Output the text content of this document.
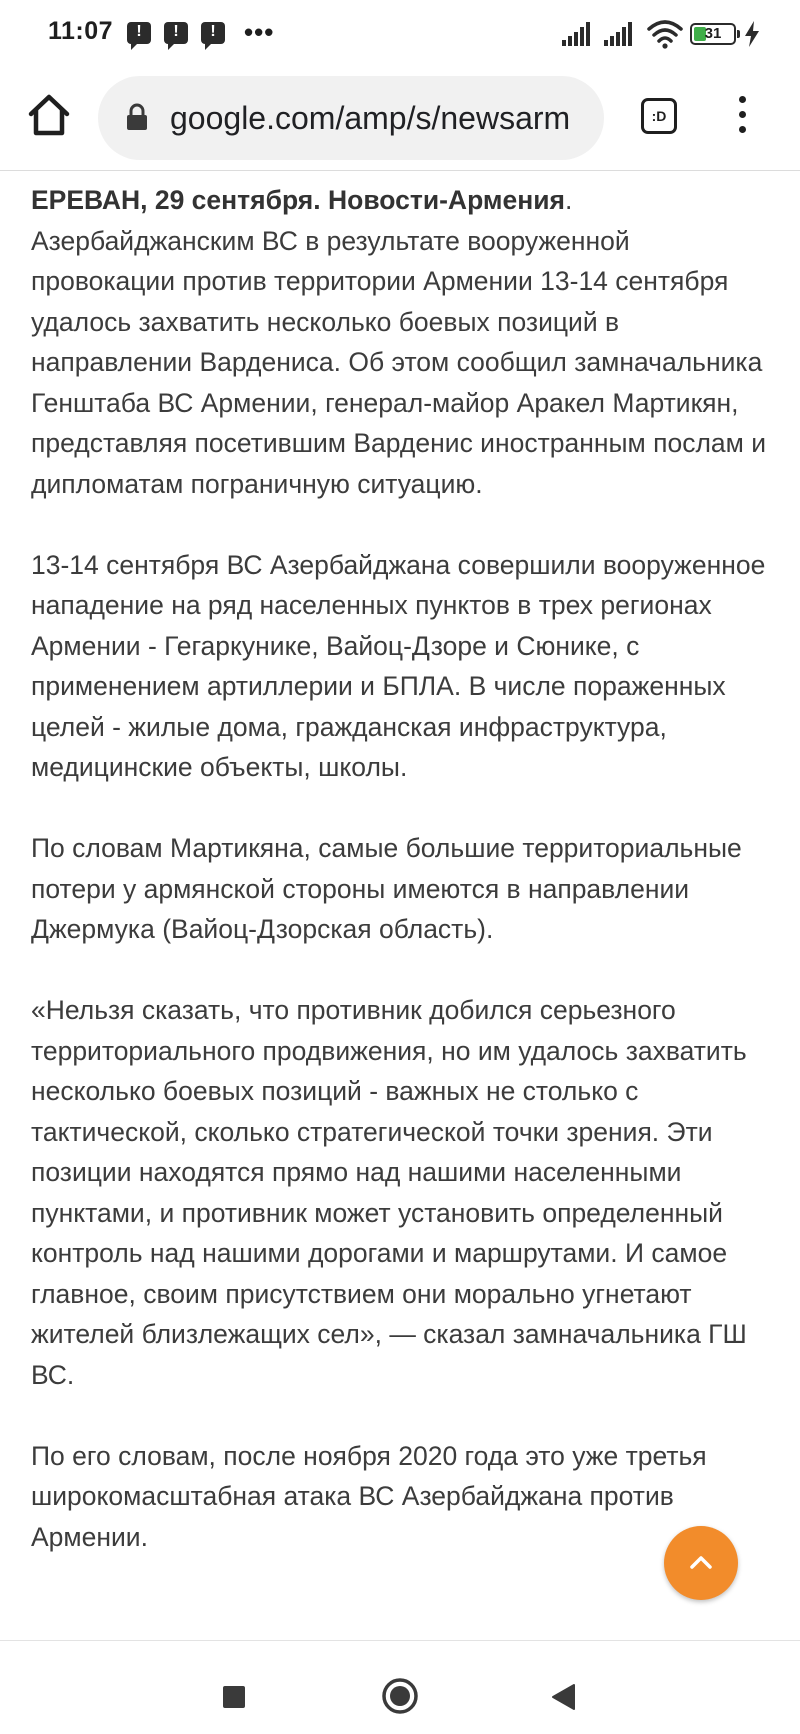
11:07	!	!	!	•••	31
google.com/amp/s/newsarm	:D

ЕРЕВАН, 29 сентября. Новости-Армения.
Азербайджанским ВС в результате вооруженной провокации против территории Армении 13-14 сентября удалось захватить несколько боевых позиций в направлении Вардениса. Об этом сообщил замначальника Генштаба ВС Армении, генерал-майор Аракел Мартикян, представляя посетившим Варденис иностранным послам и дипломатам пограничную ситуацию.

13-14 сентября ВС Азербайджана совершили вооруженное нападение на ряд населенных пунктов в трех регионах Армении - Гегаркунике, Вайоц-Дзоре и Сюнике, с применением артиллерии и БПЛА. В числе пораженных целей - жилые дома, гражданская инфраструктура, медицинские объекты, школы.

По словам Мартикяна, самые большие территориальные потери у армянской стороны имеются в направлении Джермука (Вайоц-Дзорская область).

«Нельзя сказать, что противник добился серьезного территориального продвижения, но им удалось захватить несколько боевых позиций - важных не столько с тактической, сколько стратегической точки зрения. Эти позиции находятся прямо над нашими населенными пунктами, и противник может установить определенный контроль над нашими дорогами и маршрутами. И самое главное, своим присутствием они морально угнетают жителей близлежащих сел», — сказал замначальника ГШ ВС.

По его словам, после ноября 2020 года это уже третья широкомасштабная атака ВС Азербайджана против Армении.
